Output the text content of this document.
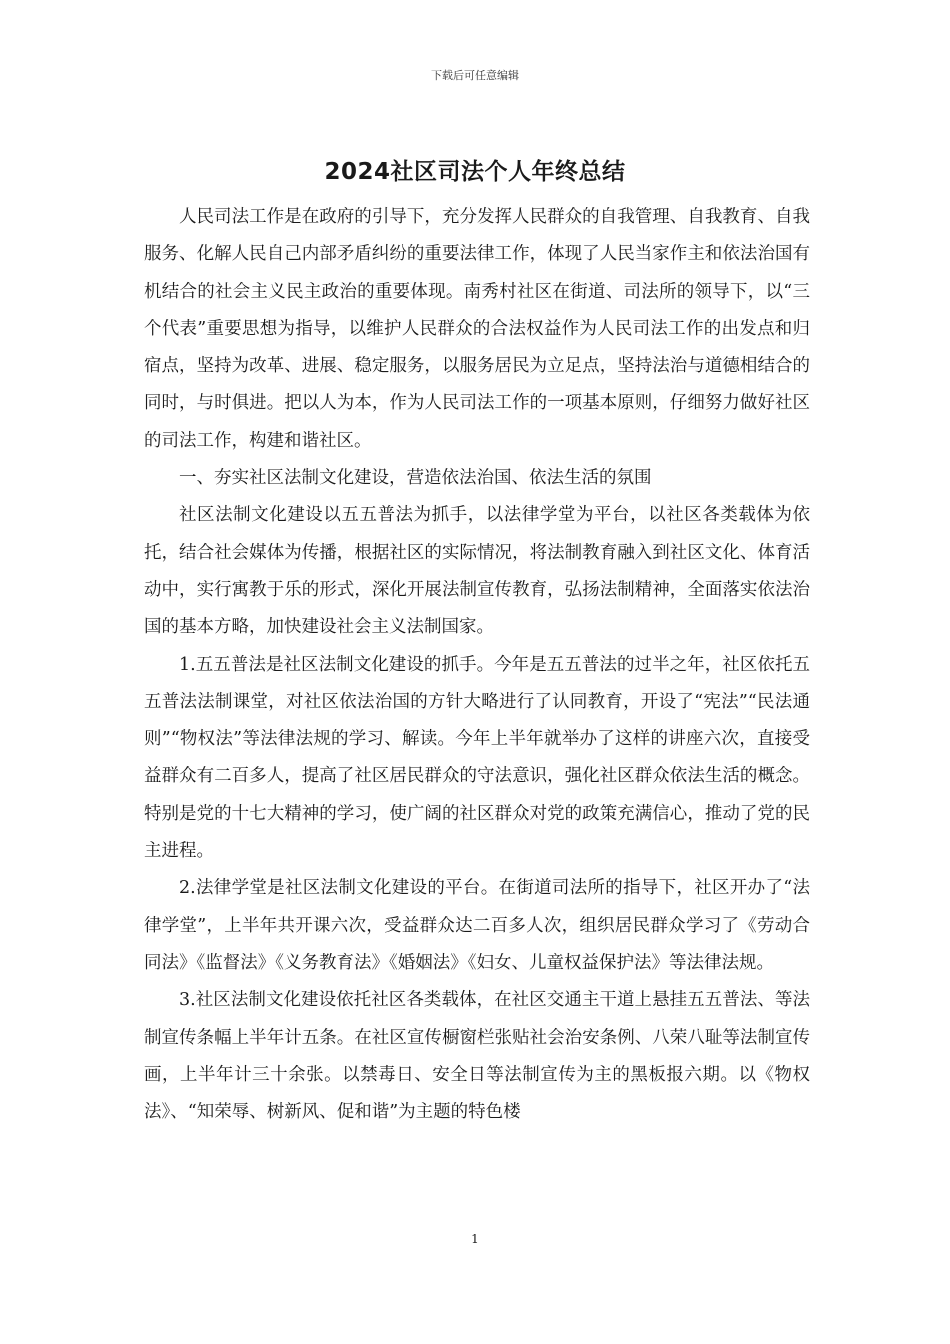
下载后可任意编辑
2024社区司法个人年终总结

人民司法工作是在政府的引导下，充分发挥人民群众的自我管理、自我教育、自我服务、化解人民自己内部矛盾纠纷的重要法律工作，体现了人民当家作主和依法治国有机结合的社会主义民主政治的重要体现。南秀村社区在街道、司法所的领导下，以“三个代表”重要思想为指导，以维护人民群众的合法权益作为人民司法工作的出发点和归宿点，坚持为改革、进展、稳定服务，以服务居民为立足点，坚持法治与道德相结合的同时，与时俱进。把以人为本，作为人民司法工作的一项基本原则，仔细努力做好社区的司法工作，构建和谐社区。

一、夯实社区法制文化建设，营造依法治国、依法生活的氛围

社区法制文化建设以五五普法为抓手，以法律学堂为平台，以社区各类载体为依托，结合社会媒体为传播，根据社区的实际情况，将法制教育融入到社区文化、体育活动中，实行寓教于乐的形式，深化开展法制宣传教育，弘扬法制精神，全面落实依法治国的基本方略，加快建设社会主义法制国家。

1.五五普法是社区法制文化建设的抓手。今年是五五普法的过半之年，社区依托五五普法法制课堂，对社区依法治国的方针大略进行了认同教育，开设了“宪法”“民法通则”“物权法”等法律法规的学习、解读。今年上半年就举办了这样的讲座六次，直接受益群众有二百多人，提高了社区居民群众的守法意识，强化社区群众依法生活的概念。特别是党的十七大精神的学习，使广阔的社区群众对党的政策充满信心，推动了党的民主进程。

2.法律学堂是社区法制文化建设的平台。在街道司法所的指导下，社区开办了“法律学堂”，上半年共开课六次，受益群众达二百多人次，组织居民群众学习了《劳动合同法》《监督法》《义务教育法》《婚姻法》《妇女、儿童权益保护法》等法律法规。

3.社区法制文化建设依托社区各类载体，在社区交通主干道上悬挂五五普法、等法制宣传条幅上半年计五条。在社区宣传橱窗栏张贴社会治安条例、八荣八耻等法制宣传画，上半年计三十余张。以禁毒日、安全日等法制宣传为主的黑板报六期。以《物权法》、“知荣辱、树新风、促和谐”为主题的特色楼

1
